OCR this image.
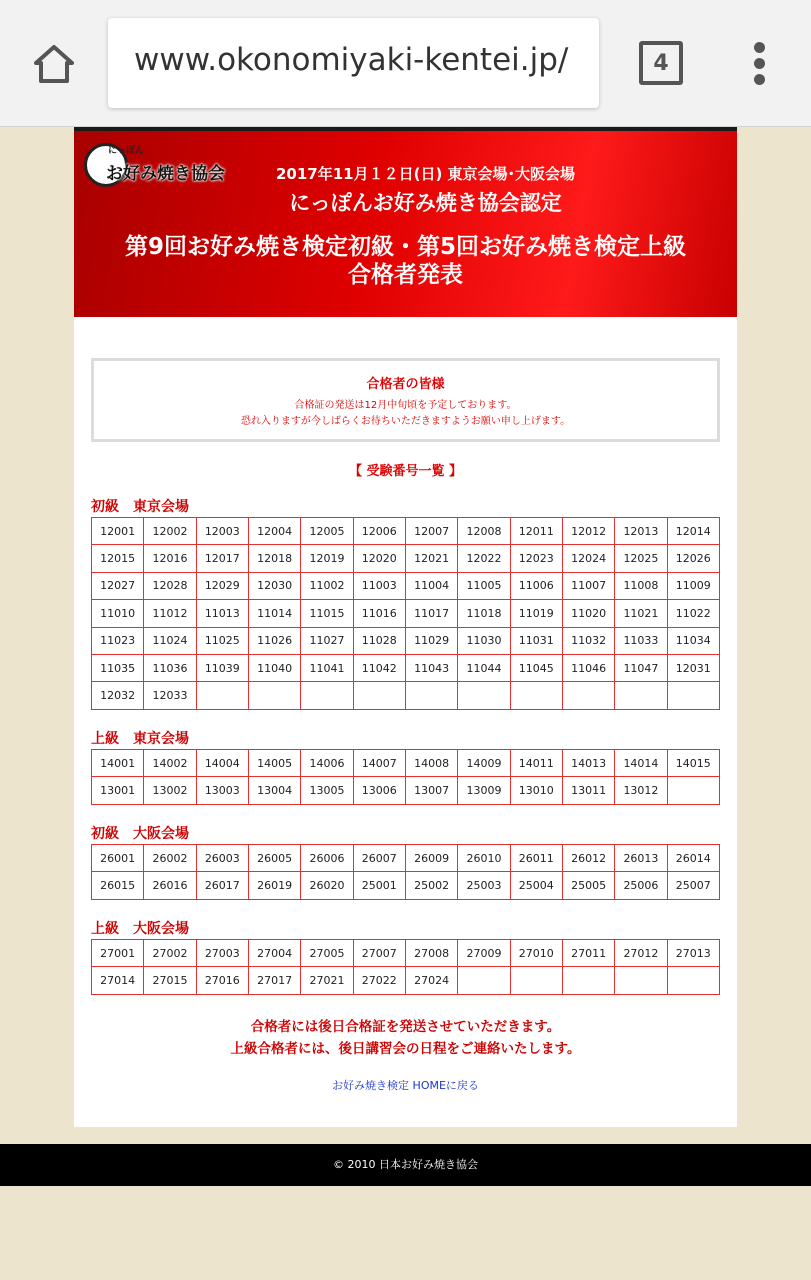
www.okonomiyaki-kentei.jp/	4
にっぽん
お好み焼き協会	2017年11月１２日(日) 東京会場･大阪会場
にっぽんお好み焼き協会認定
第9回お好み焼き検定初級・第5回お好み焼き検定上級
合格者発表
合格者の皆様
合格証の発送は12月中旬頃を予定しております。
恐れ入りますが今しばらくお待ちいただきますようお願い申し上げます。
【 受験番号一覧 】
初級　東京会場
12001	12002	12003	12004	12005	12006	12007	12008	12011	12012	12013	12014
12015	12016	12017	12018	12019	12020	12021	12022	12023	12024	12025	12026
12027	12028	12029	12030	11002	11003	11004	11005	11006	11007	11008	11009
11010	11012	11013	11014	11015	11016	11017	11018	11019	11020	11021	11022
11023	11024	11025	11026	11027	11028	11029	11030	11031	11032	11033	11034
11035	11036	11039	11040	11041	11042	11043	11044	11045	11046	11047	12031
12032	12033										
上級　東京会場
14001	14002	14004	14005	14006	14007	14008	14009	14011	14013	14014	14015
13001	13002	13003	13004	13005	13006	13007	13009	13010	13011	13012	
初級　大阪会場
26001	26002	26003	26005	26006	26007	26009	26010	26011	26012	26013	26014
26015	26016	26017	26019	26020	25001	25002	25003	25004	25005	25006	25007
上級　大阪会場
27001	27002	27003	27004	27005	27007	27008	27009	27010	27011	27012	27013
27014	27015	27016	27017	27021	27022	27024					
合格者には後日合格証を発送させていただきます。
上級合格者には、後日講習会の日程をご連絡いたします。
お好み焼き検定 HOMEに戻る
© 2010 日本お好み焼き協会
